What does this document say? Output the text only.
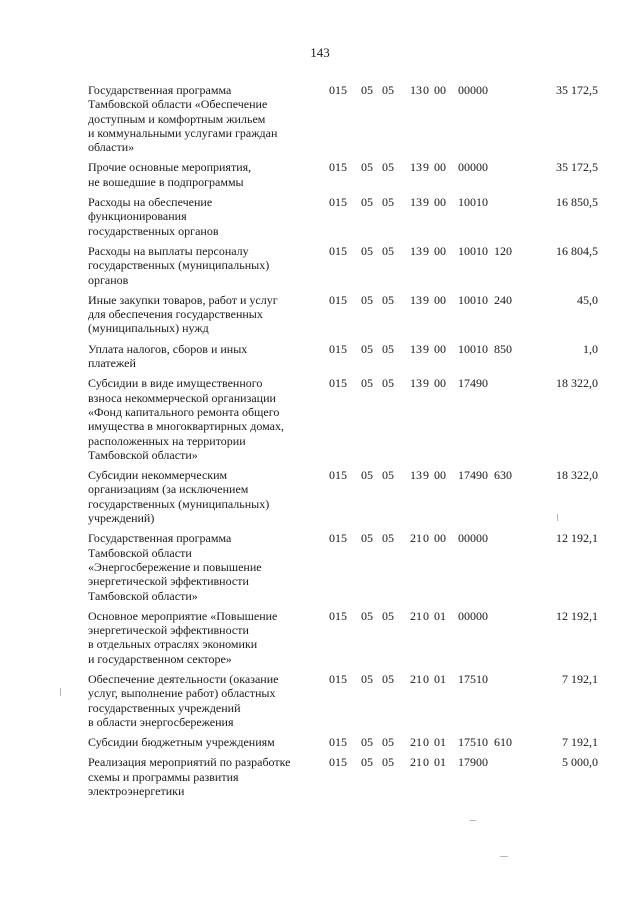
143
Государственная программа
Тамбовской области «Обеспечение
доступным и комфортным жильем
и коммунальными услугами граждан
области»
015 05 05 13 0 00 00000	35 172,5
Прочие основные мероприятия,
не вошедшие в подпрограммы
015 05 05 13 9 00 00000	35 172,5
Расходы на обеспечение
функционирования
государственных органов
015 05 05 13 9 00 10010	16 850,5
Расходы на выплаты персоналу
государственных (муниципальных)
органов
015 05 05 13 9 00 10010 120	16 804,5
Иные закупки товаров, работ и услуг
для обеспечения государственных
(муниципальных) нужд
015 05 05 13 9 00 10010 240	45,0
Уплата налогов, сборов и иных
платежей
015 05 05 13 9 00 10010 850	1,0
Субсидии в виде имущественного
взноса некоммерческой организации
«Фонд капитального ремонта общего
имущества в многоквартирных домах,
расположенных на территории
Тамбовской области»
015 05 05 13 9 00 17490	18 322,0
Субсидии некоммерческим
организациям (за исключением
государственных (муниципальных)
учреждений)
015 05 05 13 9 00 17490 630	18 322,0
Государственная программа
Тамбовской области
«Энергосбережение и повышение
энергетической эффективности
Тамбовской области»
015 05 05 21 0 00 00000	12 192,1
Основное мероприятие «Повышение
энергетической эффективности
в отдельных отраслях экономики
и государственном секторе»
015 05 05 21 0 01 00000	12 192,1
Обеспечение деятельности (оказание
услуг, выполнение работ) областных
государственных учреждений
в области энергосбережения
015 05 05 21 0 01 17510	7 192,1
Субсидии бюджетным учреждениям	015 05 05 21 0 01 17510 610	7 192,1
Реализация мероприятий по разработке
схемы и программы развития
электроэнергетики
015 05 05 21 0 01 17900	5 000,0
